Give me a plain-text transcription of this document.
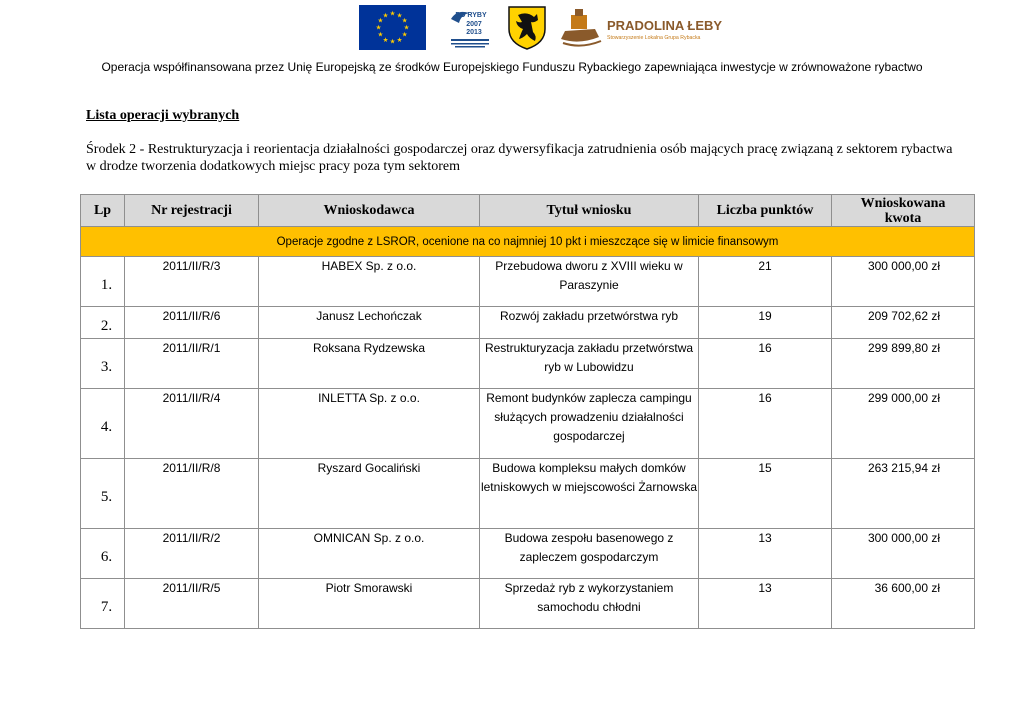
★ ★
★
★
★
★
★
★
★
★
★
★	PO RYBY
2007
2013	PRADOLINA ŁEBY
Stowarzyszenie Lokalna Grupa Rybacka
Operacja współfinansowana przez Unię Europejską ze środków Europejskiego Funduszu Rybackiego zapewniająca inwestycje w zrównoważone rybactwo
Lista operacji wybranych
Środek 2 - Restrukturyzacja i reorientacja działalności gospodarczej oraz dywersyfikacja zatrudnienia osób mających pracę związaną z sektorem rybactwa w drodze tworzenia dodatkowych miejsc pracy poza tym sektorem
Lp	Nr rejestracji	Wnioskodawca	Tytuł wniosku	Liczba punktów	Wnioskowana kwota
Operacje zgodne z LSROR, ocenione na co najmniej 10 pkt i mieszczące się w limicie finansowym					
1.	2011/II/R/3	HABEX Sp. z o.o.	Przebudowa dworu z XVIII wieku w Paraszynie	21	300 000,00 zł
2.	2011/II/R/6	Janusz Lechończak	Rozwój zakładu przetwórstwa ryb	19	209 702,62 zł
3.	2011/II/R/1	Roksana Rydzewska	Restrukturyzacja zakładu przetwórstwa ryb w Lubowidzu	16	299 899,80 zł
4.	2011/II/R/4	INLETTA Sp. z o.o.	Remont budynków zaplecza campingu służących prowadzeniu działalności gospodarczej	16	299 000,00 zł
5.	2011/II/R/8	Ryszard Gocaliński	Budowa kompleksu małych domków letniskowych w miejscowości Żarnowska	15	263 215,94 zł
6.	2011/II/R/2	OMNICAN Sp. z o.o.	Budowa zespołu basenowego z zapleczem gospodarczym	13	300 000,00 zł
7.	2011/II/R/5	Piotr Smorawski	Sprzedaż ryb z wykorzystaniem samochodu chłodni	13	36 600,00 zł
